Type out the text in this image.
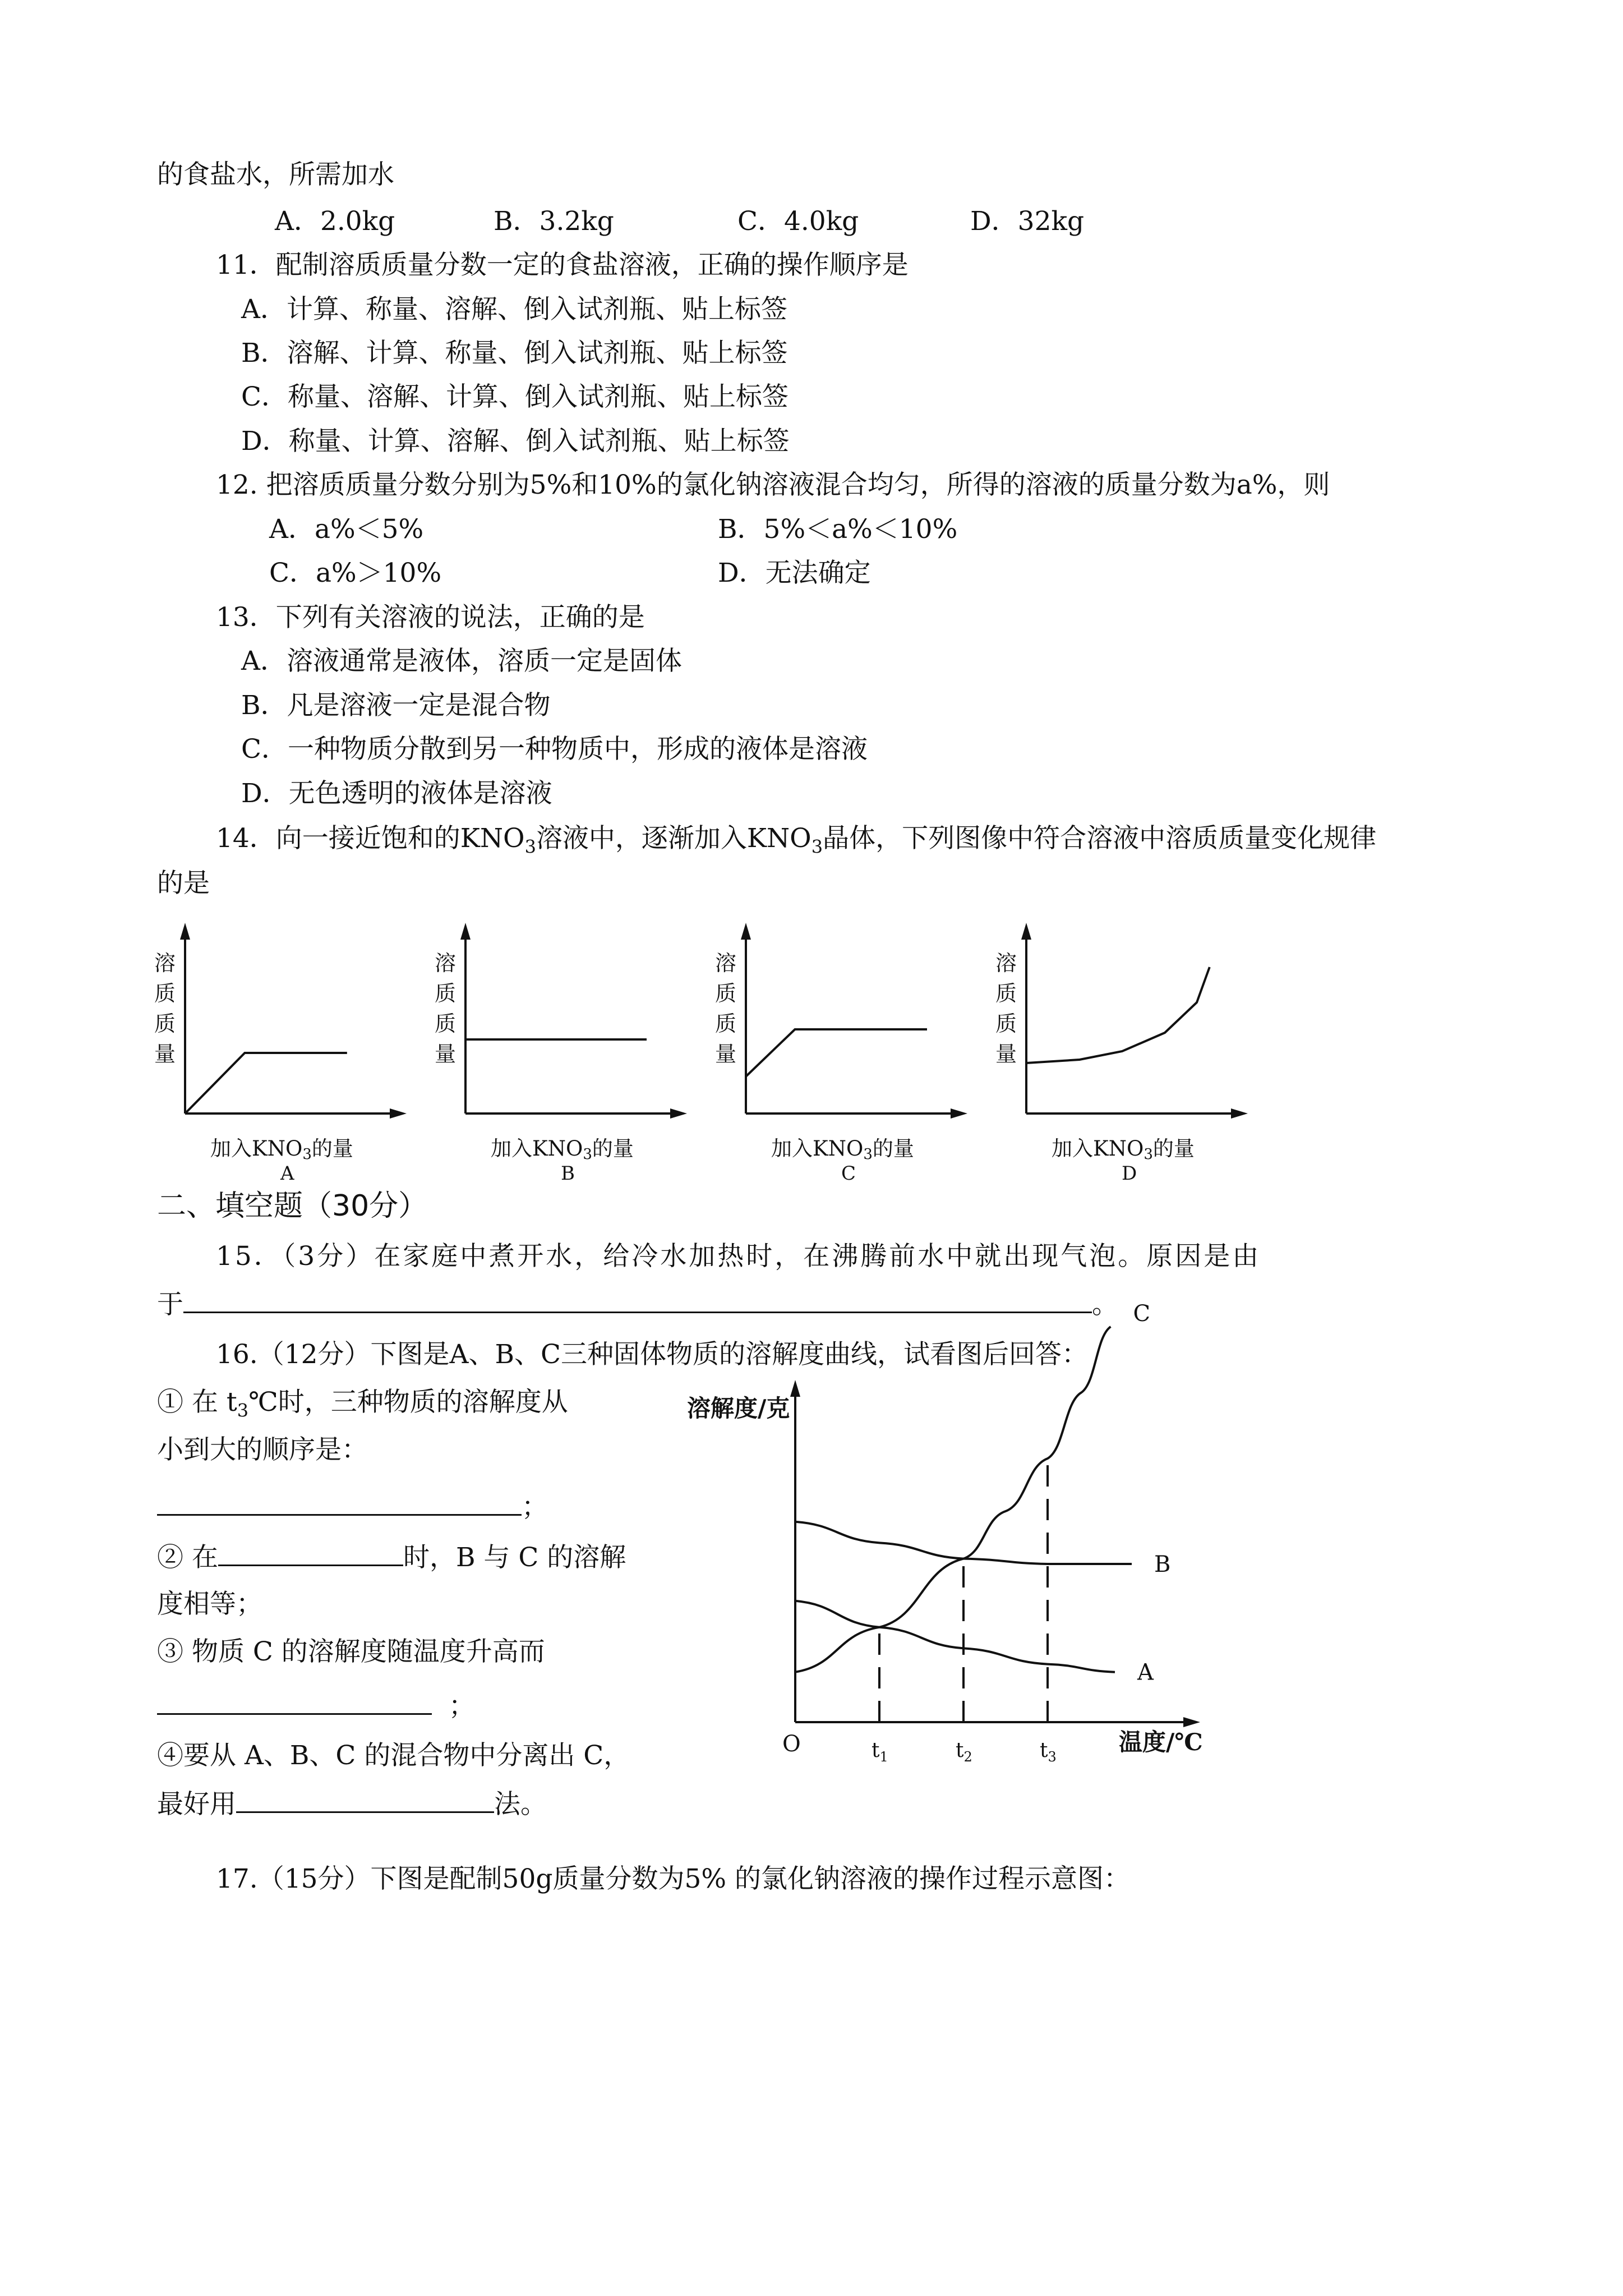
的食盐水，所需加水
A．2.0kg	B．3.2kg	C．4.0kg	D．32kg
11．配制溶质质量分数一定的食盐溶液，正确的操作顺序是
A．计算、称量、溶解、倒入试剂瓶、贴上标签
B．溶解、计算、称量、倒入试剂瓶、贴上标签
C．称量、溶解、计算、倒入试剂瓶、贴上标签
D．称量、计算、溶解、倒入试剂瓶、贴上标签
12. 把溶质质量分数分别为5%和10%的氯化钠溶液混合均匀，所得的溶液的质量分数为a%，则
A．a%＜5%	B．5%＜a%＜10%
C．a%＞10%	D．无法确定
13．下列有关溶液的说法，正确的是
A．溶液通常是液体，溶质一定是固体
B．凡是溶液一定是混合物
C．一种物质分散到另一种物质中，形成的液体是溶液
D．无色透明的液体是溶液
14．向一接近饱和的$KNO_3$溶液中，逐渐加入$KNO_3$晶体，下列图像中符合溶液中溶质质量变化规律
的是
溶
质
质
量
加入KNO3的量
A
溶
质
质
量
加入KNO3的量
B
溶
质
质
量
加入KNO3的量
C
溶
质
质
量
加入KNO3的量
D
二、填空题（30分）
15．（3分）在家庭中煮开水，给冷水加热时，在沸腾前水中就出现气泡。原因是由
于	。
16.（12分）下图是A、B、C三种固体物质的溶解度曲线，试看图后回答：
① 在 $t_3℃$时，三种物质的溶解度从
小到大的顺序是：
；
② 在	时，B 与 C 的溶解
度相等；
③ 物质 C 的溶解度随温度升高而
；
④要从 A、B、C 的混合物中分离出 C，
最好用	法。
溶解度/克
温度/℃
O	$t_1$	$t_2$	$t_3$
A
B
C
17.（15分）下图是配制50g质量分数为5% 的氯化钠溶液的操作过程示意图：
